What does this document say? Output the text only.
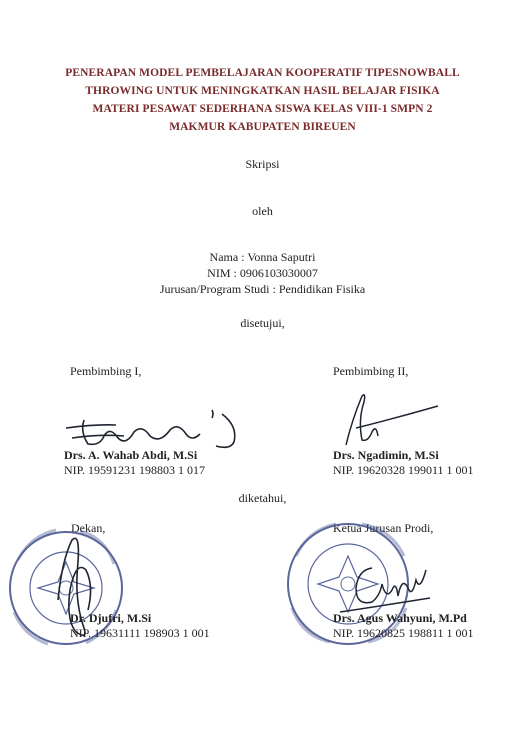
PENERAPAN MODEL PEMBELAJARAN KOOPERATIF TIPESNOWBALL
THROWING UNTUK MENINGKATKAN HASIL BELAJAR FISIKA
MATERI PESAWAT SEDERHANA SISWA KELAS VIII-1 SMPN 2
MAKMUR KABUPATEN BIREUEN
Skripsi
oleh
Nama : Vonna Saputri
NIM : 0906103030007
Jurusan/Program Studi : Pendidikan Fisika
disetujui,
Pembimbing I,	Pembimbing II,
Drs. A. Wahab Abdi, M.Si
NIP. 19591231 198803 1 017
Drs. Ngadimin, M.Si
NIP. 19620328 199011 1 001
diketahui,
Dekan,	Ketua Jurusan Prodi,
Dr. Djufri, M.Si
NIP. 19631111 198903 1 001
Drs. Agus Wahyuni, M.Pd
NIP. 19620825 198811 1 001
